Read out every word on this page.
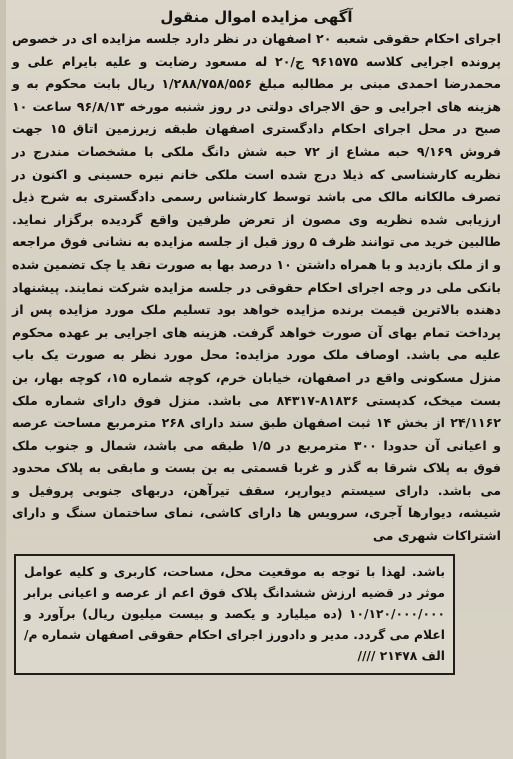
آگهی مزایده اموال منقول

اجرای احکام حقوقی شعبه ۲۰ اصفهان در نظر دارد جلسه مزایده ای در خصوص پرونده اجرایی کلاسه ۹۶۱۵۷۵ ج/۲۰ له مسعود رضایت و علیه بایرام علی و محمدرضا احمدی مبنی بر مطالبه مبلغ ۱/۲۸۸/۷۵۸/۵۵۶ ریال بابت محکوم به و هزینه های اجرایی و حق الاجرای دولتی در روز شنبه مورخه ۹۶/۸/۱۳ ساعت ۱۰ صبح در محل اجرای احکام دادگستری اصفهان طبقه زیرزمین اتاق ۱۵ جهت فروش ۹/۱۶۹ حبه مشاع از ۷۲ حبه شش دانگ ملکی با مشخصات مندرج در نظریه کارشناسی که ذیلا درج شده است ملکی خانم نیره حسینی و اکنون در تصرف مالکانه مالک می باشد توسط کارشناس رسمی دادگستری به شرح ذیل ارزیابی شده نظریه وی مصون از تعرض طرفین واقع گردیده برگزار نماید. طالبین خرید می توانند ظرف ۵ روز قبل از جلسه مزایده به نشانی فوق مراجعه و از ملک بازدید و با همراه داشتن ۱۰ درصد بها به صورت نقد یا چک تضمین شده بانکی ملی در وجه اجرای احکام حقوقی در جلسه مزایده شرکت نمایند. پیشنهاد دهنده بالاترین قیمت برنده مزایده خواهد بود تسلیم ملک مورد مزایده پس از پرداخت تمام بهای آن صورت خواهد گرفت. هزینه های اجرایی بر عهده محکوم علیه می باشد. اوصاف ملک مورد مزایده: محل مورد نظر به صورت یک باب منزل مسکونی واقع در اصفهان، خیابان خرم، کوچه شماره ۱۵، کوچه بهار، بن بست میخک، کدپستی ۸۱۸۳۶-۸۴۳۱۷ می باشد. منزل فوق دارای شماره ملک ۲۴/۱۱۶۲ از بخش ۱۴ ثبت اصفهان طبق سند دارای ۲۶۸ مترمربع مساحت عرصه و اعیانی آن حدودا ۳۰۰ مترمربع در ۱/۵ طبقه می باشد، شمال و جنوب ملک فوق به پلاک شرقا به گذر و غربا قسمتی به بن بست و مابقی به پلاک محدود می باشد. دارای سیستم دیوارپر، سقف تیرآهن، دربهای جنوبی پروفیل و شیشه، دیوارها آجری، سرویس ها دارای کاشی، نمای ساختمان سنگ و دارای اشتراکات شهری می

باشد. لهذا با توجه به موقعیت محل، مساحت، کاربری و کلیه عوامل موثر در قضیه ارزش ششدانگ پلاک فوق اعم از عرصه و اعیانی برابر ۱۰/۱۲۰/۰۰۰/۰۰۰ (ده میلیارد و یکصد و بیست میلیون ریال) برآورد و اعلام می گردد. مدیر و دادورز اجرای احکام حقوقی اصفهان شماره م/الف ۲۱۴۷۸ ////
